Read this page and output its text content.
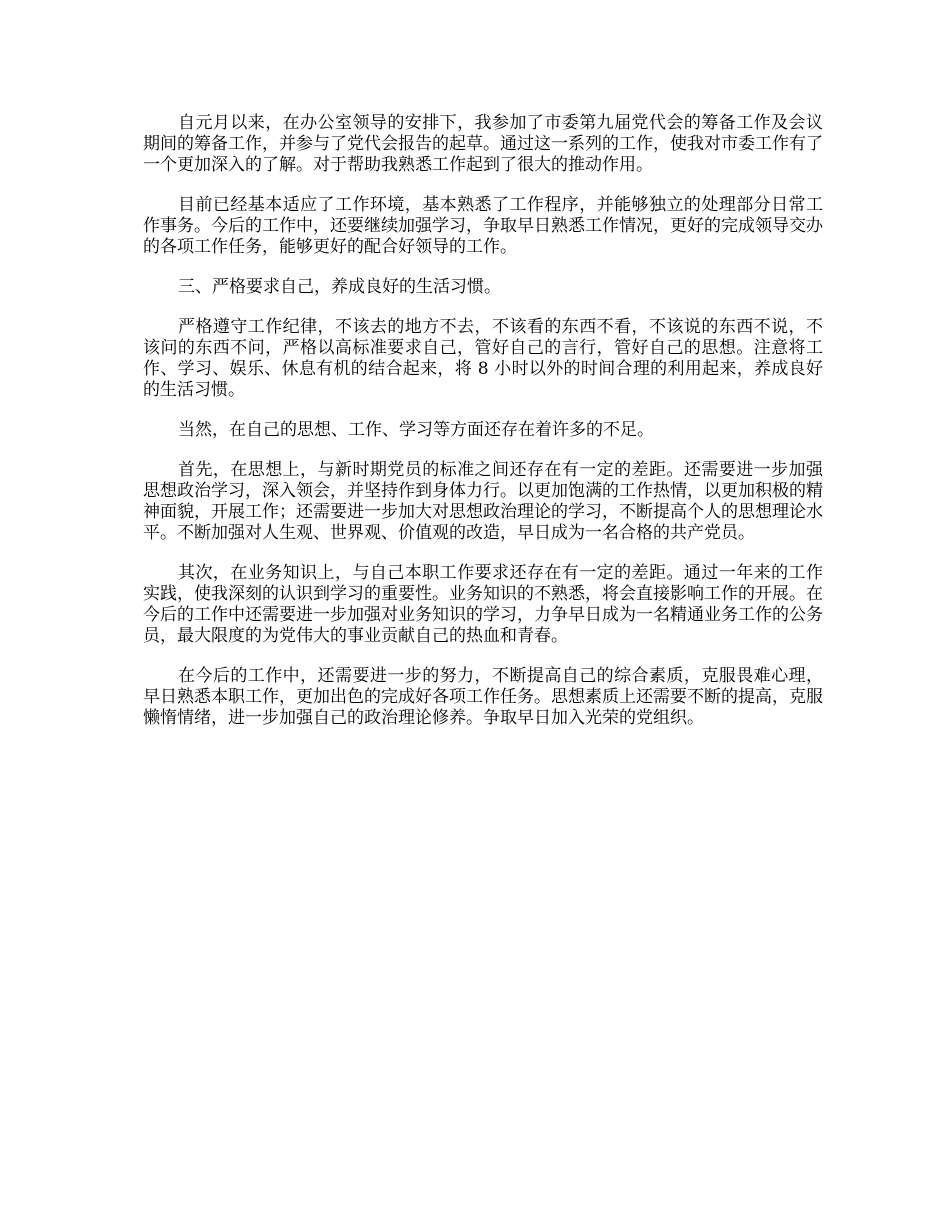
自元月以来，在办公室领导的安排下，我参加了市委第九届党代会的筹备工作及会议期间的筹备工作，并参与了党代会报告的起草。通过这一系列的工作，使我对市委工作有了一个更加深入的了解。对于帮助我熟悉工作起到了很大的推动作用。

目前已经基本适应了工作环境，基本熟悉了工作程序，并能够独立的处理部分日常工作事务。今后的工作中，还要继续加强学习，争取早日熟悉工作情况，更好的完成领导交办的各项工作任务，能够更好的配合好领导的工作。

三、严格要求自己，养成良好的生活习惯。

严格遵守工作纪律，不该去的地方不去，不该看的东西不看，不该说的东西不说，不该问的东西不问，严格以高标准要求自己，管好自己的言行，管好自己的思想。注意将工作、学习、娱乐、休息有机的结合起来，将 8 小时以外的时间合理的利用起来，养成良好的生活习惯。

当然，在自己的思想、工作、学习等方面还存在着许多的不足。

首先，在思想上，与新时期党员的标准之间还存在有一定的差距。还需要进一步加强思想政治学习，深入领会，并坚持作到身体力行。以更加饱满的工作热情，以更加积极的精神面貌，开展工作；还需要进一步加大对思想政治理论的学习，不断提高个人的思想理论水平。不断加强对人生观、世界观、价值观的改造，早日成为一名合格的共产党员。

其次，在业务知识上，与自己本职工作要求还存在有一定的差距。通过一年来的工作实践，使我深刻的认识到学习的重要性。业务知识的不熟悉，将会直接影响工作的开展。在今后的工作中还需要进一步加强对业务知识的学习，力争早日成为一名精通业务工作的公务员，最大限度的为党伟大的事业贡献自己的热血和青春。

在今后的工作中，还需要进一步的努力，不断提高自己的综合素质，克服畏难心理，早日熟悉本职工作，更加出色的完成好各项工作任务。思想素质上还需要不断的提高，克服懒惰情绪，进一步加强自己的政治理论修养。争取早日加入光荣的党组织。
